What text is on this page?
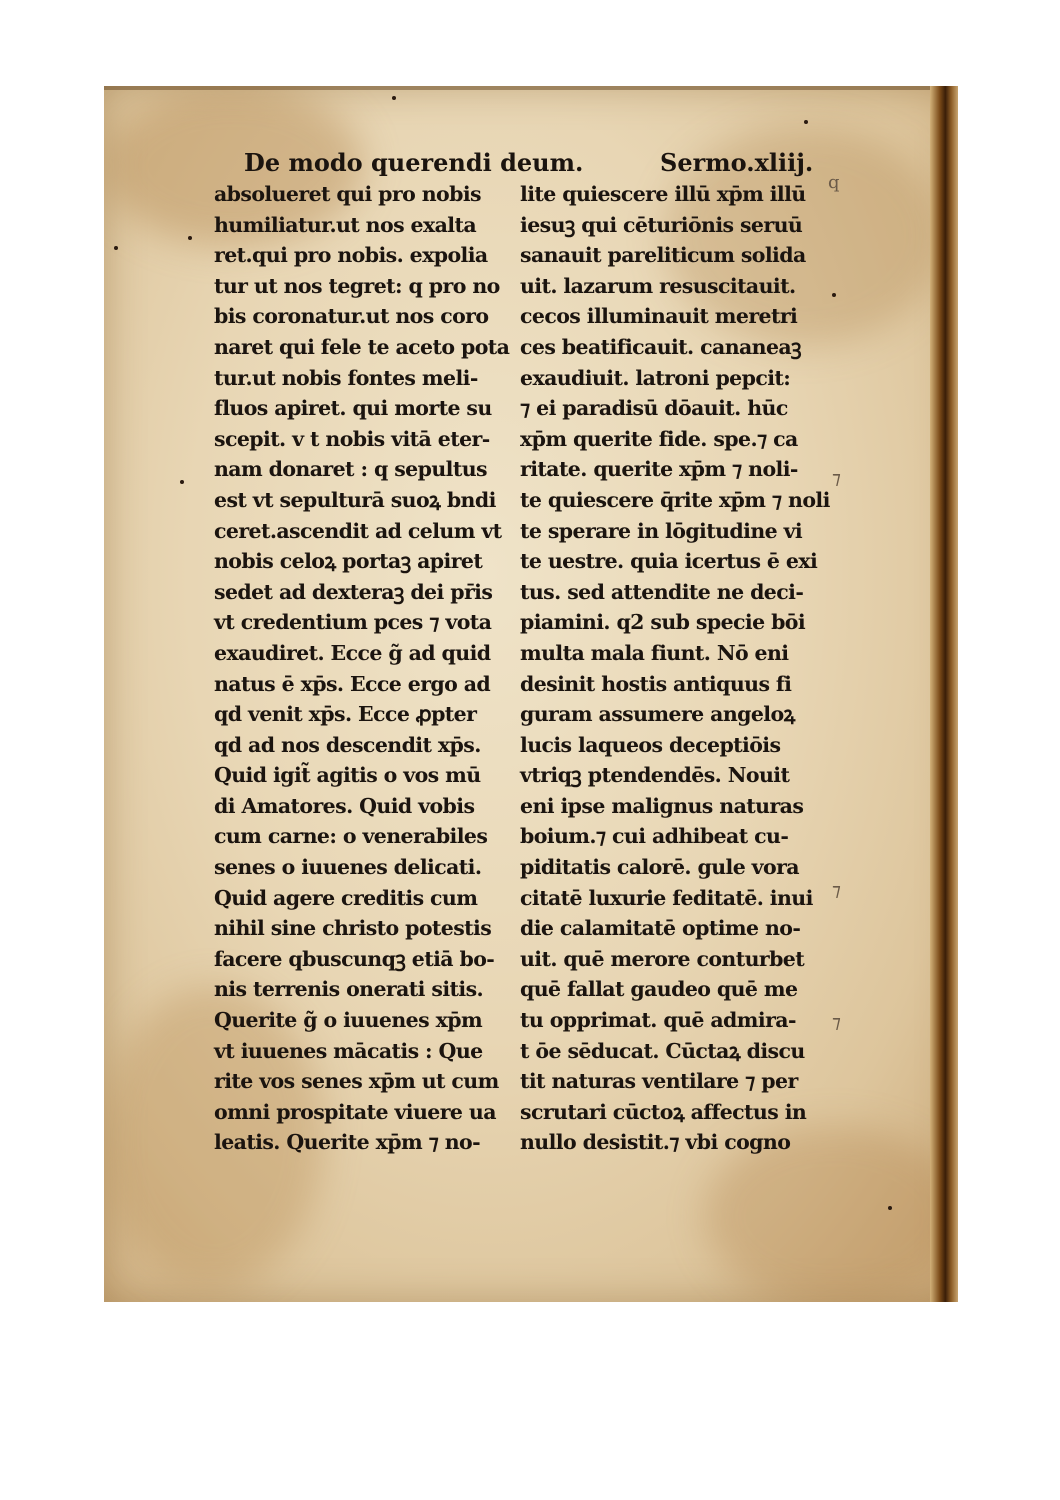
De modo querendi deum.	Sermo.xliij.
absolueret qui pro nobis
humiliatur.ut nos exalta
ret.qui pro nobis. expolia
tur ut nos tegret: q pro no
bis coronatur.ut nos coro
naret qui fele te aceto pota
tur.ut nobis fontes meli-
fluos apiret. qui morte su
scepit. v t nobis vitā eter-
nam donaret : q sepultus
est vt sepulturā suoꝝ bndi
ceret.ascendit ad celum vt
nobis celoꝝ portaꝫ apiret
sedet ad dexteraꝫ dei pr̄is
vt credentium pces ⁊ vota
exaudiret. Ecce g̃ ad quid
natus ē xp̄s. Ecce ergo ad
qd venit xp̄s. Ecce ꝓpter
qd ad nos descendit xp̄s.
Quid igit̃ agitis o vos mū
di Amatores. Quid vobis
cum carne: o venerabiles
senes o iuuenes delicati.
Quid agere creditis cum
nihil sine christo potestis
facere qbuscunqꝫ etiā bo-
nis terrenis onerati sitis.
Querite g̃ o iuuenes xp̄m
vt iuuenes mācatis : Que
rite vos senes xp̄m ut cum
omni prospitate viuere ua
leatis. Querite xp̄m ⁊ no-
lite quiescere illū xp̄m illū
iesuꝫ qui cēturiōnis seruū
sanauit pareliticum solida
uit. lazarum resuscitauit.
cecos illuminauit meretri
ces beatificauit. cananeaꝫ
exaudiuit. latroni pepcit:
⁊ ei paradisū dōauit. hūc
xp̄m querite fide. spe.⁊ ca
ritate. querite xp̄m ⁊ noli-
te quiescere q̄rite xp̄m ⁊ noli
te sperare in lōgitudine vi
te uestre. quia icertus ē exi
tus. sed attendite ne deci-
piamini. q2 sub specie bōi
multa mala fiunt. Nō eni
desinit hostis antiquus fi
guram assumere angeloꝝ
lucis laqueos deceptiōis
vtriqꝫ ptendendēs. Nouit
eni ipse malignus naturas
boium.⁊ cui adhibeat cu-
piditatis calorē. gule vora
citatē luxurie feditatē. inui
die calamitatē optime no-
uit. quē merore conturbet
quē fallat gaudeo quē me
tu opprimat. quē admira-
t ōe sēducat. Cūctaꝝ discu
tit naturas ventilare ⁊ per
scrutari cūctoꝝ affectus in
nullo desistit.⁊ vbi cogno
q
⁊
⁊
⁊
